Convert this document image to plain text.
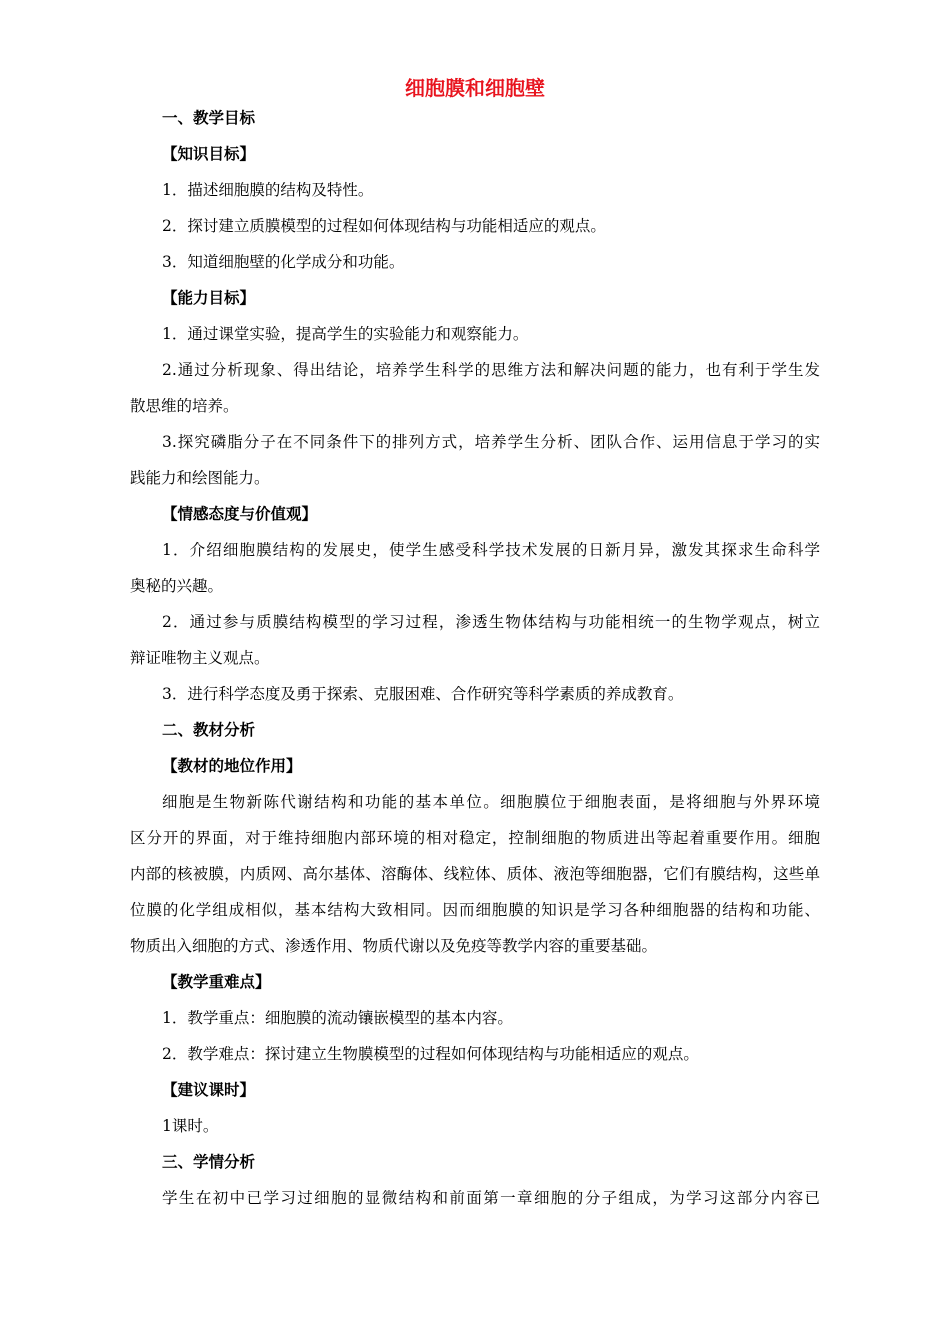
细胞膜和细胞壁
一、教学目标
【知识目标】
1．描述细胞膜的结构及特性。
2．探讨建立质膜模型的过程如何体现结构与功能相适应的观点。
3．知道细胞壁的化学成分和功能。
【能力目标】
1．通过课堂实验，提高学生的实验能力和观察能力。
2.通过分析现象、得出结论，培养学生科学的思维方法和解决问题的能力，也有利于学生发
散思维的培养。
3.探究磷脂分子在不同条件下的排列方式，培养学生分析、团队合作、运用信息于学习的实
践能力和绘图能力。
【情感态度与价值观】
1．介绍细胞膜结构的发展史，使学生感受科学技术发展的日新月异，激发其探求生命科学
奥秘的兴趣。
2．通过参与质膜结构模型的学习过程，渗透生物体结构与功能相统一的生物学观点，树立
辩证唯物主义观点。
3．进行科学态度及勇于探索、克服困难、合作研究等科学素质的养成教育。
二、教材分析
【教材的地位作用】
细胞是生物新陈代谢结构和功能的基本单位。细胞膜位于细胞表面，是将细胞与外界环境
区分开的界面，对于维持细胞内部环境的相对稳定，控制细胞的物质进出等起着重要作用。细胞
内部的核被膜，内质网、高尔基体、溶酶体、线粒体、质体、液泡等细胞器，它们有膜结构，这些单
位膜的化学组成相似，基本结构大致相同。因而细胞膜的知识是学习各种细胞器的结构和功能、
物质出入细胞的方式、渗透作用、物质代谢以及免疫等教学内容的重要基础。
【教学重难点】
1．教学重点：细胞膜的流动镶嵌模型的基本内容。
2．教学难点：探讨建立生物膜模型的过程如何体现结构与功能相适应的观点。
【建议课时】
1课时。
三、学情分析
学生在初中已学习过细胞的显微结构和前面第一章细胞的分子组成，为学习这部分内容已
